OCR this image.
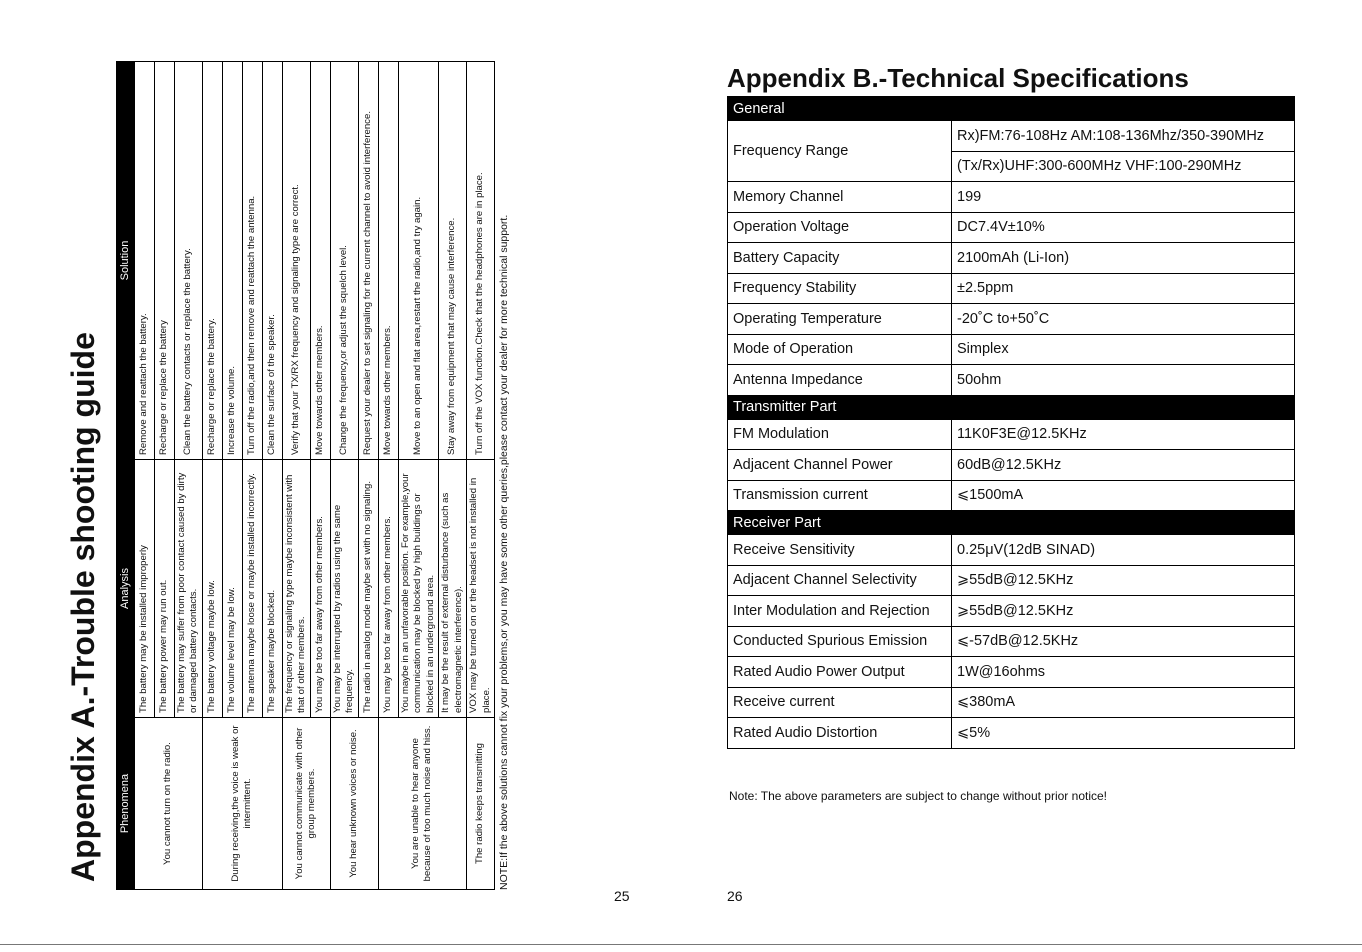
Appendix A.-Trouble shooting guide	Phenomena	Analysis	Solution
You cannot turn on the radio.	The battery may be installed improperly	Remove and reattach the battery.
	The battery power may run out.	Recharge or replace the battery
	The battery may suffer from poor contact caused by dirty or damaged battery contacts.	Clean the battery contacts or replace the battery.
During receiving,the voice is weak or intermittent.	The battery voltage maybe low.	Recharge or replace the battery.
	The volume level may be low.	Increase the volume.
	The antenna maybe loose or maybe installed incorrectly.	Turn off the radio,and then remove and reattach the antenna.
	The speaker maybe blocked.	Clean the surface of the speaker.
You cannot communicate with other group members.	The frequency or signaling type maybe inconsistent with that of other members.	Verify that your TX/RX frequency and signaling type are correct.
	You may be too far away from other members.	Move towards other members.
You hear unknown voices or noise.	You may be interrupted by radios using the same frequency.	Change the frequency,or adjust the squelch level.
	The radio in analog mode maybe set with no signaling.	Request your dealer to set signaling for the current channel to avoid interference.
You are unable to hear anyone because of too much noise and hiss.	You may be too far away from other members.	Move towards other members.
	You maybe in an unfavorable position. For example,your communication may be blocked by high buildings or blocked in an underground area.	Move to an open and flat area,restart the radio,and try again.
	It may be the result of external disturbance (such as electromagnetic interference).	Stay away from equipment that may cause interference.
The radio keeps transmitting	VOX may be turned on or the headset is not installed in place.	Turn off the VOX function.Check that the headphones are in place. NOTE:If the above solutions cannot fix your problems,or you may have some other queries,please contact your dealer for more technical support.
25
Appendix B.-Technical Specifications
General	
Frequency Range	Rx)FM:76-108Hz AM:108-136Mhz/350-390MHz
	(Tx/Rx)UHF:300-600MHz VHF:100-290MHz
Memory Channel	199
Operation Voltage	DC7.4V±10%
Battery Capacity	2100mAh (Li-Ion)
Frequency Stability	±2.5ppm
Operating Temperature	-20˚C to+50˚C
Mode of Operation	Simplex
Antenna Impedance	50ohm
Transmitter Part	
FM Modulation	11K0F3E@12.5KHz
Adjacent Channel Power	60dB@12.5KHz
Transmission current	⩽1500mA
Receiver Part	
Receive Sensitivity	0.25μV(12dB SINAD)
Adjacent Channel Selectivity	⩾55dB@12.5KHz
Inter Modulation and Rejection	⩾55dB@12.5KHz
Conducted Spurious Emission	⩽-57dB@12.5KHz
Rated Audio Power Output	1W@16ohms
Receive current	⩽380mA
Rated Audio Distortion	⩽5%
Note: The above parameters are subject to change without prior notice!
26
